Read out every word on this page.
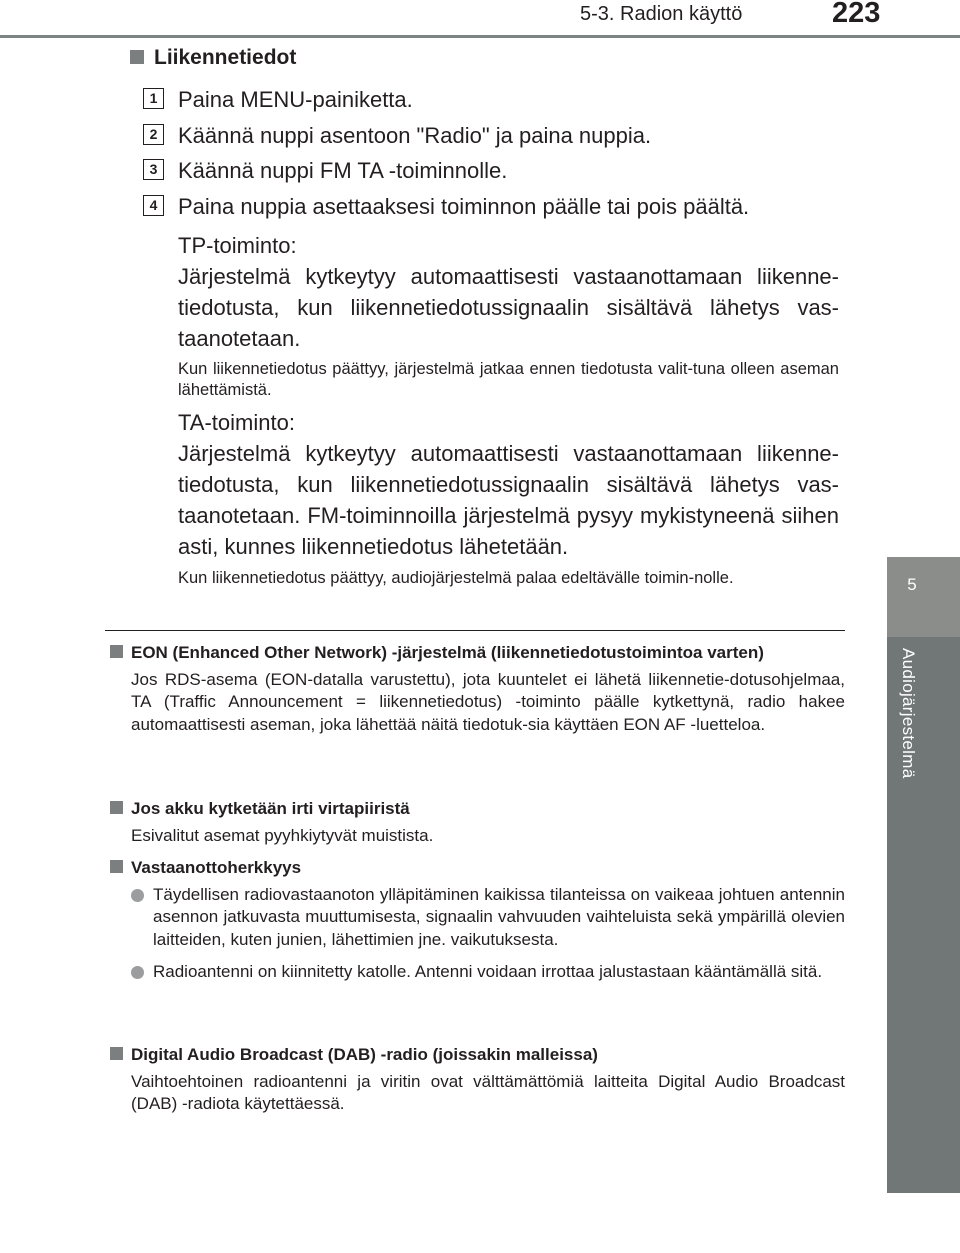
5-3. Radion käyttö	223
5
Audiojärjestelmä
Liikennetiedot
1 Paina MENU-painiketta.
2 Käännä nuppi asentoon "Radio" ja paina nuppia.
3 Käännä nuppi FM TA -toiminnolle.
4 Paina nuppia asettaaksesi toiminnon päälle tai pois päältä.
TP-toiminto:
Järjestelmä kytkeytyy automaattisesti vastaanottamaan liikenne-tiedotusta, kun liikennetiedotussignaalin sisältävä lähetys vas-taanotetaan.
Kun liikennetiedotus päättyy, järjestelmä jatkaa ennen tiedotusta valit-tuna olleen aseman lähettämistä.
TA-toiminto:
Järjestelmä kytkeytyy automaattisesti vastaanottamaan liikenne-tiedotusta, kun liikennetiedotussignaalin sisältävä lähetys vas-taanotetaan. FM-toiminnoilla järjestelmä pysyy mykistyneenä siihen asti, kunnes liikennetiedotus lähetetään.
Kun liikennetiedotus päättyy, audiojärjestelmä palaa edeltävälle toimin-nolle.
EON (Enhanced Other Network) -järjestelmä (liikennetiedotustoimintoa varten)
Jos RDS-asema (EON-datalla varustettu), jota kuuntelet ei lähetä liikennetie-dotusohjelmaa, TA (Traffic Announcement = liikennetiedotus) -toiminto päälle kytkettynä, radio hakee automaattisesti aseman, joka lähettää näitä tiedotuk-sia käyttäen EON AF -luetteloa.
Jos akku kytketään irti virtapiiristä
Esivalitut asemat pyyhkiytyvät muistista.
Vastaanottoherkkyys
Täydellisen radiovastaanoton ylläpitäminen kaikissa tilanteissa on vaikeaa johtuen antennin asennon jatkuvasta muuttumisesta, signaalin vahvuuden vaihteluista sekä ympärillä olevien laitteiden, kuten junien, lähettimien jne. vaikutuksesta.
Radioantenni on kiinnitetty katolle. Antenni voidaan irrottaa jalustastaan kääntämällä sitä.
Digital Audio Broadcast (DAB) -radio (joissakin malleissa)
Vaihtoehtoinen radioantenni ja viritin ovat välttämättömiä laitteita Digital Audio Broadcast (DAB) -radiota käytettäessä.
